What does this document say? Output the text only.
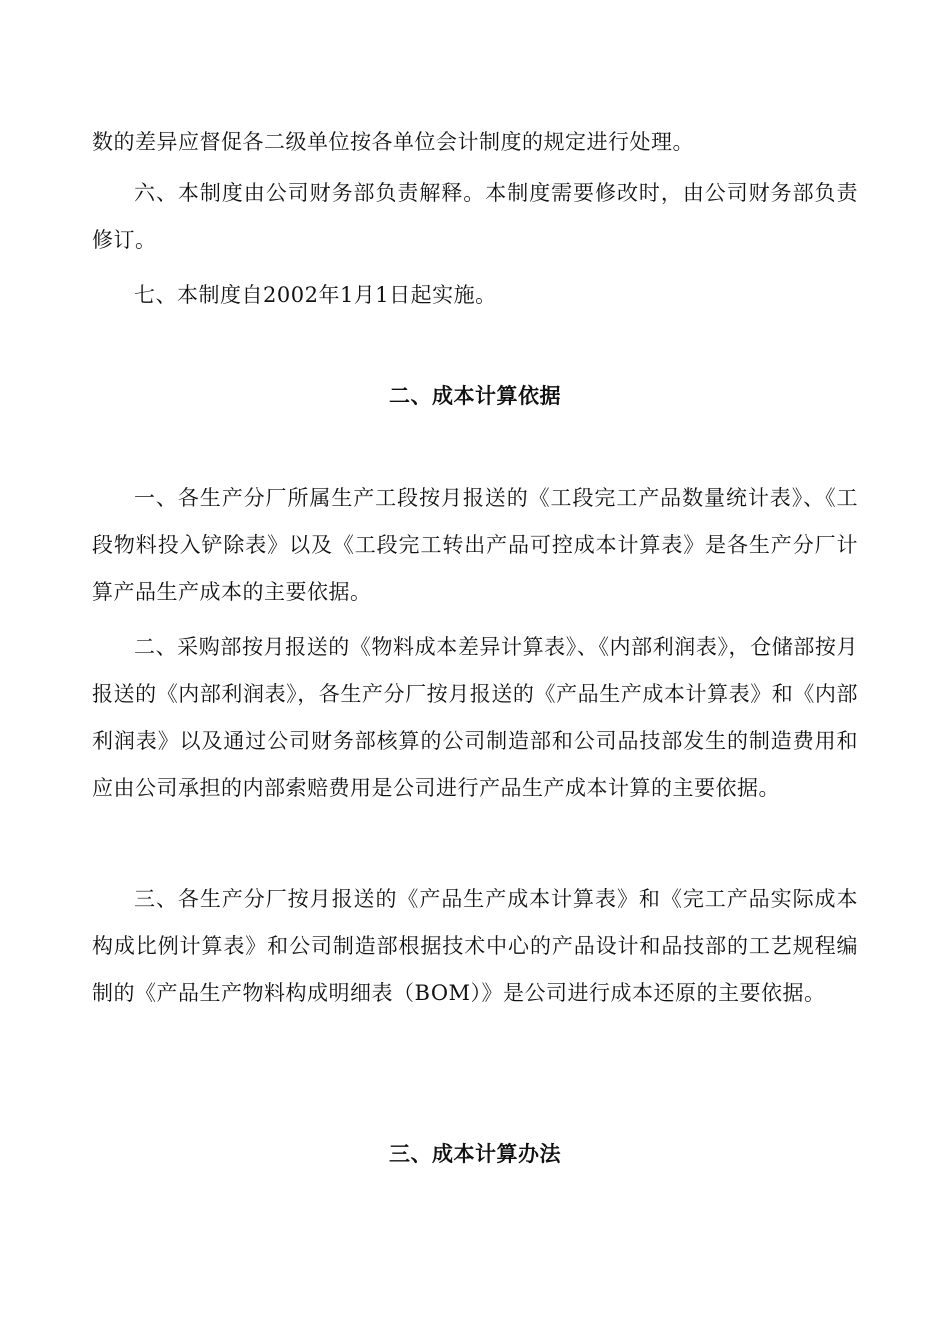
数的差异应督促各二级单位按各单位会计制度的规定进行处理。

六、本制度由公司财务部负责解释。本制度需要修改时，由公司财务部负责修订。

七、本制度自2002年1月1日起实施。

二、成本计算依据

一、各生产分厂所属生产工段按月报送的《工段完工产品数量统计表》、《工段物料投入铲除表》以及《工段完工转出产品可控成本计算表》是各生产分厂计算产品生产成本的主要依据。

二、采购部按月报送的《物料成本差异计算表》、《内部利润表》，仓储部按月报送的《内部利润表》，各生产分厂按月报送的《产品生产成本计算表》和《内部利润表》以及通过公司财务部核算的公司制造部和公司品技部发生的制造费用和应由公司承担的内部索赔费用是公司进行产品生产成本计算的主要依据。

三、各生产分厂按月报送的《产品生产成本计算表》和《完工产品实际成本构成比例计算表》和公司制造部根据技术中心的产品设计和品技部的工艺规程编制的《产品生产物料构成明细表（BOM）》是公司进行成本还原的主要依据。

三、成本计算办法
